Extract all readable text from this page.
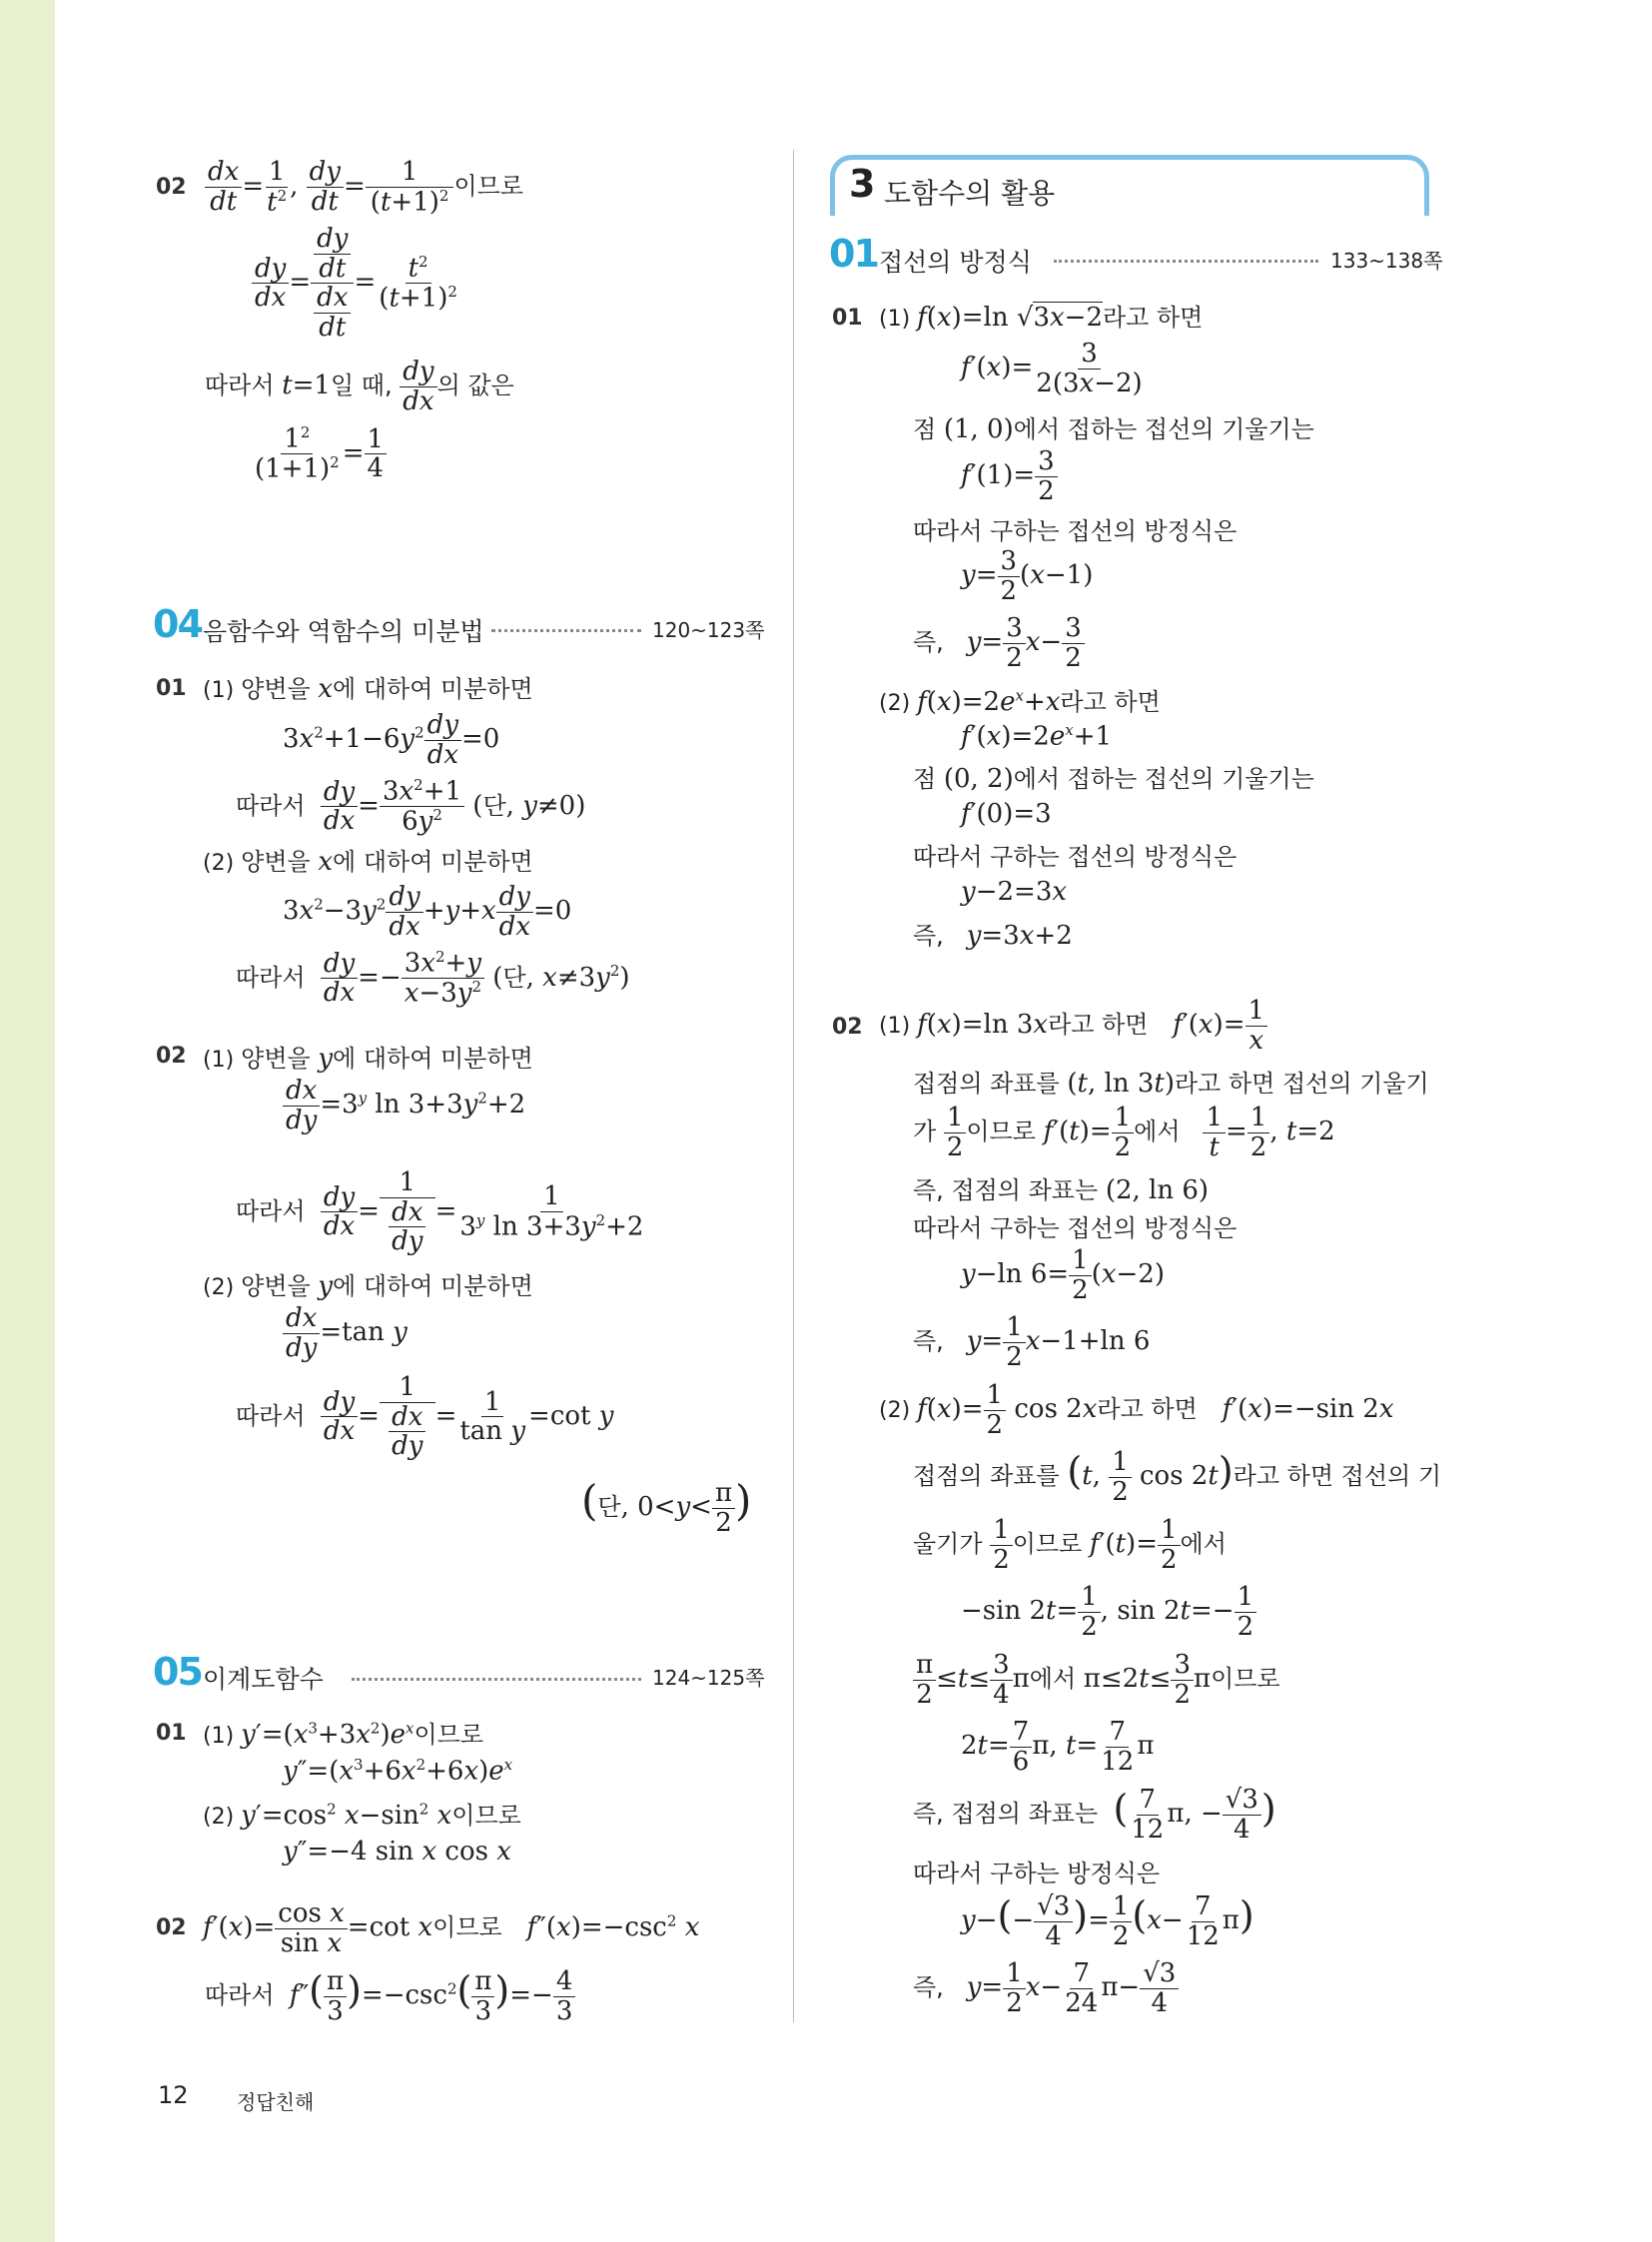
$02 \frac{dx}{dt} = \frac{1}{t^2}$ , $\frac{dy}{dt} = \frac{1}{(t+1)^2}$ 이므로
$\frac{dy}{dx} = \frac{\frac{dy}{dt}}{\frac{dx}{dt}} = \frac{t^2}{(t+1)^2}$
따라서 t=1일 때, $\frac{dy}{dx}$ 의 값은
$\frac{1^2}{(1+1)^2} = \frac{1}{4}$
04 음함수와 역함수의 미분법	120~123쪽
01 (1) 양변을 x에 대하여 미분하면
$3x^2+1-6y^2 \frac{dy}{dx} =0$
따라서 $\frac{dy}{dx} = \frac{3x^2+1}{6y^2}$ (단, y≠0)
(2) 양변을 x에 대하여 미분하면
$3x^2-3y^2 \frac{dy}{dx} +y+x \frac{dy}{dx} =0$
따라서 $\frac{dy}{dx} =- \frac{3x^2+y}{x-3y^2}$ (단, $x\ne 3y^2$)
02 (1) 양변을 y에 대하여 미분하면
$\frac{dx}{dy} =3^y$ $\ln 3+3y^2+2$
따라서 $\frac{dy}{dx} = \frac{1}{\frac{dx}{dy}} = \frac{1}{3^y \ln 3+3y^2+2}$
(2) 양변을 y에 대하여 미분하면
$\frac{dx}{dy} =\tan$ y
따라서 $\frac{dy}{dx} = \frac{1}{\frac{dx}{dy}} = \frac{1}{\text{tan y}} =\cot$ y
(단, $0<y< \frac{\pi}{2}$ )
05 이계도함수	124~125쪽
01 (1) $y'=(x^3+3x^2)e^x$이므로
$y''=(x^3+6x^2+6x)e^x$
(2) $y'=\cos^2$ $x-\sin^2$ x이므로
y″=−4 sin x cos x
02 $f'(x)= \frac{\text{cos x}}{\text{sin x}} =\cot$ x이므로 $f''(x)=-\csc^2$ x
따라서  $f''( \frac{\pi}{3} )=-\csc^2( \frac{\pi}{3}$ )=− $\frac{4}{3}$
3 도함수의 활용
01 접선의 방정식	133~138쪽
01 (1) f(x)=ln √3x−2라고 하면
$f'(x)= \frac{3}{2(3x-2)}$
점 (1, 0)에서 접하는 접선의 기울기는
$f'(1)= \frac{3}{2}$
따라서 구하는 접선의 방정식은
$y= \frac{3}{2} (x-1)$
즉,   $y= \frac{3}{2} x- \frac{3}{2}$
(2) $f(x)=2e^x+x$라고 하면
$f'(x)=2e^x+1$
점 (0, 2)에서 접하는 접선의 기울기는
f′(0)=3
따라서 구하는 접선의 방정식은
y−2=3x
즉,   y=3x+2
02 (1) f(x)=ln 3x라고 하면 $f'(x)= \frac{1}{x}$
접점의 좌표를 (t, ln 3t)라고 하면 접선의 기울기
가 $\frac{1}{2}$ 이므로 $f'(t)= \frac{1}{2}$ 에서 $\frac{1}{t} = \frac{1}{2}$ , t=2
즉, 접점의 좌표는 (2, ln 6)
따라서 구하는 접선의 방정식은
y−ln $6= \frac{1}{2} (x-2)$
즉,   $y= \frac{1}{2} x-1+\ln$ 6
(2) $f(x)= \frac{1}{2}$ cos 2x라고 하면 f′(x)=−sin 2x
접점의 좌표를 (t, $\frac{1}{2}$ cos 2t)라고 하면 접선의 기
울기가 $\frac{1}{2}$ 이므로 $f'(t)= \frac{1}{2}$ 에서
−sin $2t= \frac{1}{2}$ , $\sin 2t=- \frac{1}{2}$
$\frac{\pi}{2} \le t\le \frac{3}{4}$ π에서 $\pi\le 2t\le \frac{3}{2}$ π이므로
$2t= \frac{7}{6} \pi$, $t= \frac{7}{12}$ π
즉, 접점의 좌표는  ( $\frac{7}{12} \pi$, − $\frac{√3}{4}$ )
따라서 구하는 방정식은
$y-(- \frac{√3}{4}$ )= $\frac{1}{2} (x- \frac{7}{12} \pi)$
즉,   $y= \frac{1}{2} x- \frac{7}{24} \pi- \frac{√3}{4}$
12 정답친해
